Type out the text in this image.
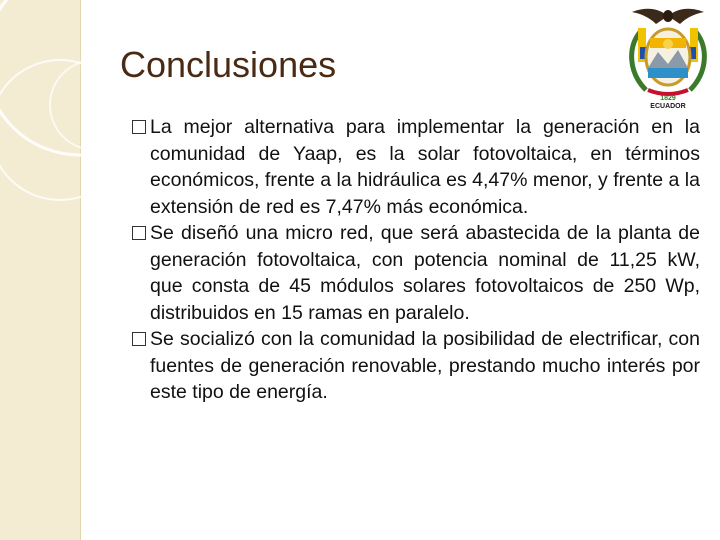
Conclusiones
1829
ECUADOR
La mejor alternativa para implementar la generación en la comunidad de Yaap, es la solar fotovoltaica, en términos económicos, frente a la hidráulica es 4,47% menor, y frente a la extensión de red es 7,47% más económica.
Se diseñó una micro red, que será abastecida de la planta de generación fotovoltaica, con potencia nominal de 11,25 kW, que consta de 45 módulos solares fotovoltaicos de 250 Wp, distribuidos en 15 ramas en paralelo.
Se socializó con la comunidad la posibilidad de electrificar, con fuentes de generación renovable, prestando mucho interés por este tipo de energía.
